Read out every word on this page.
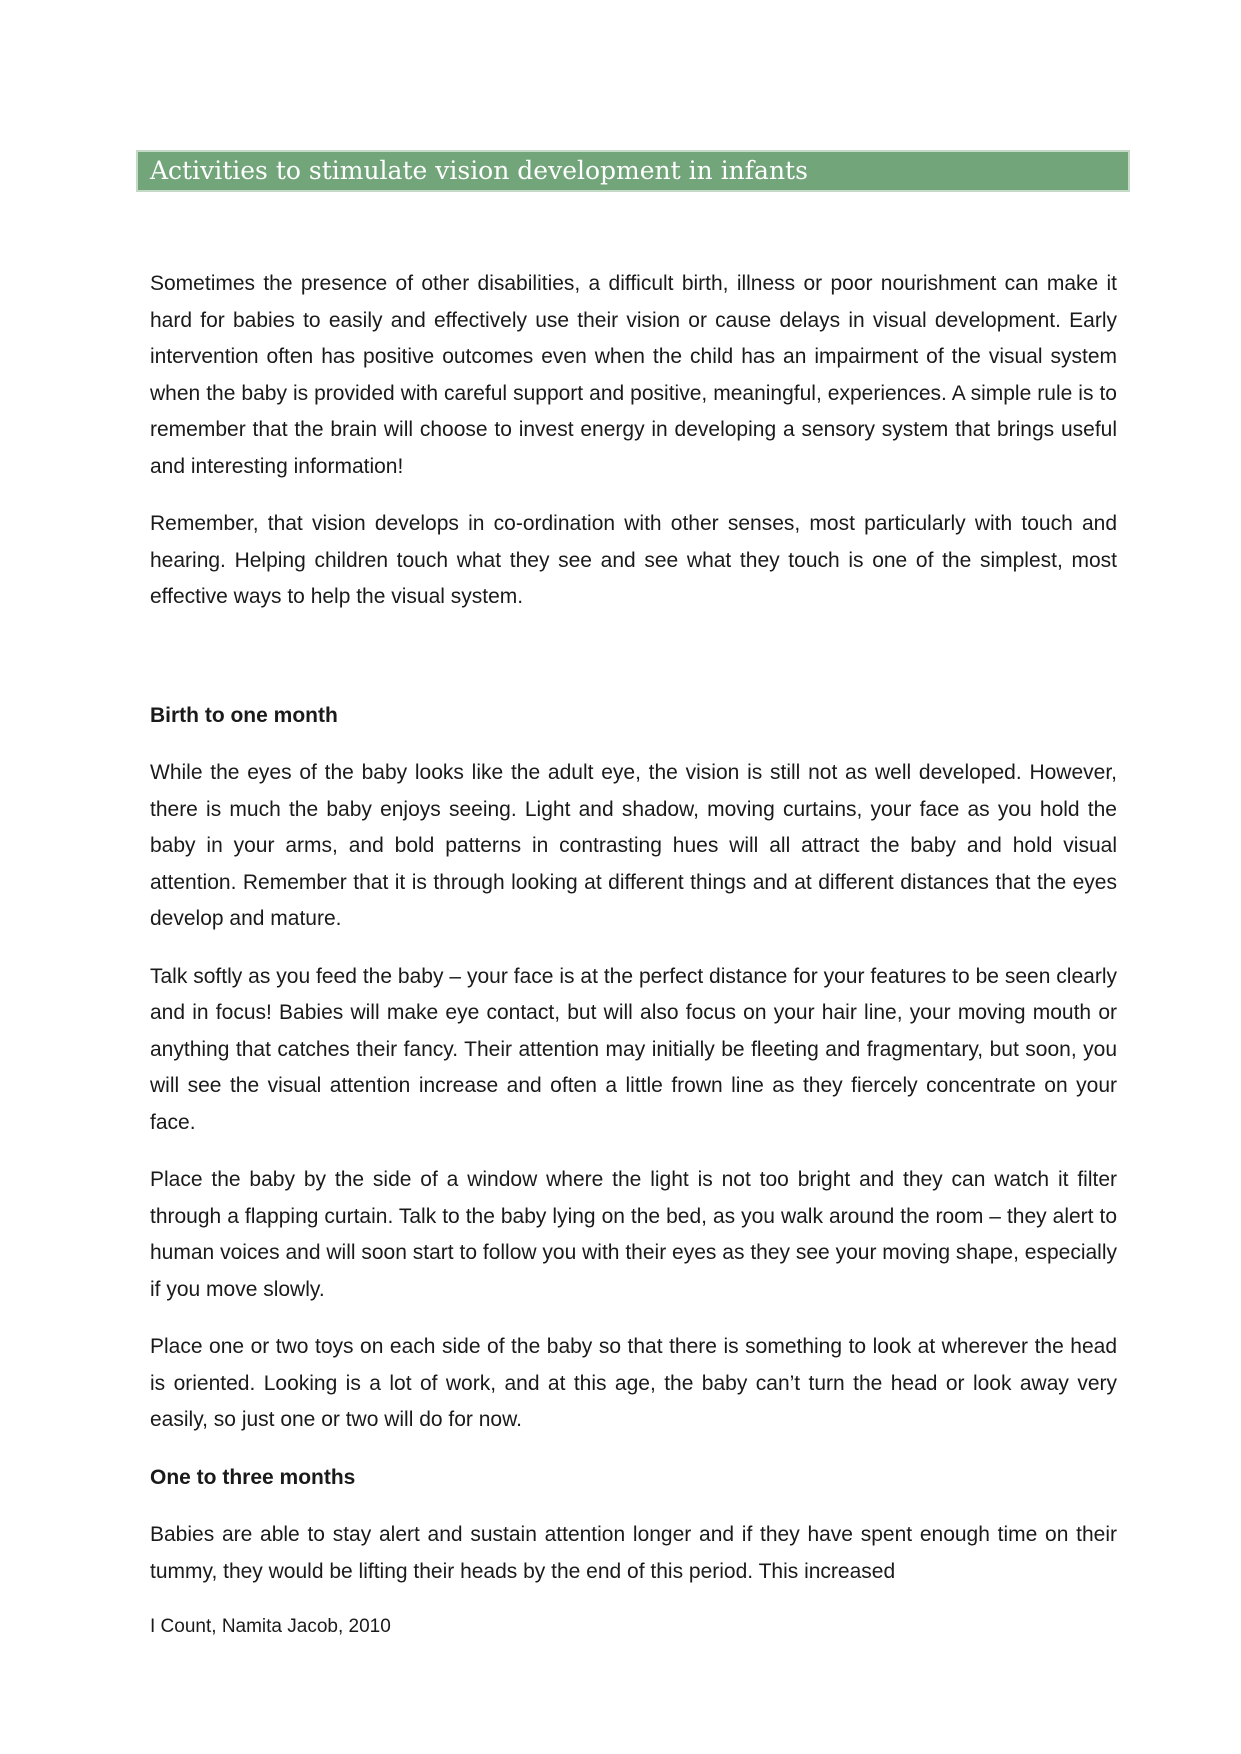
Activities to stimulate vision development in infants

Sometimes the presence of other disabilities, a difficult birth, illness or poor nourishment can make it hard for babies to easily and effectively use their vision or cause delays in visual development. Early intervention often has positive outcomes even when the child has an impairment of the visual system when the baby is provided with careful support and positive, meaningful, experiences. A simple rule is to remember that the brain will choose to invest energy in developing a sensory system that brings useful and interesting information!

Remember, that vision develops in co-ordination with other senses, most particularly with touch and hearing. Helping children touch what they see and see what they touch is one of the simplest, most effective ways to help the visual system.

Birth to one month

While the eyes of the baby looks like the adult eye, the vision is still not as well developed. However, there is much the baby enjoys seeing. Light and shadow, moving curtains, your face as you hold the baby in your arms, and bold patterns in contrasting hues will all attract the baby and hold visual attention. Remember that it is through looking at different things and at different distances that the eyes develop and mature.

Talk softly as you feed the baby – your face is at the perfect distance for your features to be seen clearly and in focus! Babies will make eye contact, but will also focus on your hair line, your moving mouth or anything that catches their fancy. Their attention may initially be fleeting and fragmentary, but soon, you will see the visual attention increase and often a little frown line as they fiercely concentrate on your face.

Place the baby by the side of a window where the light is not too bright and they can watch it filter through a flapping curtain. Talk to the baby lying on the bed, as you walk around the room – they alert to human voices and will soon start to follow you with their eyes as they see your moving shape, especially if you move slowly.

Place one or two toys on each side of the baby so that there is something to look at wherever the head is oriented. Looking is a lot of work, and at this age, the baby can’t turn the head or look away very easily, so just one or two will do for now.

One to three months

Babies are able to stay alert and sustain attention longer and if they have spent enough time on their tummy, they would be lifting their heads by the end of this period. This increased

I Count, Namita Jacob, 2010
